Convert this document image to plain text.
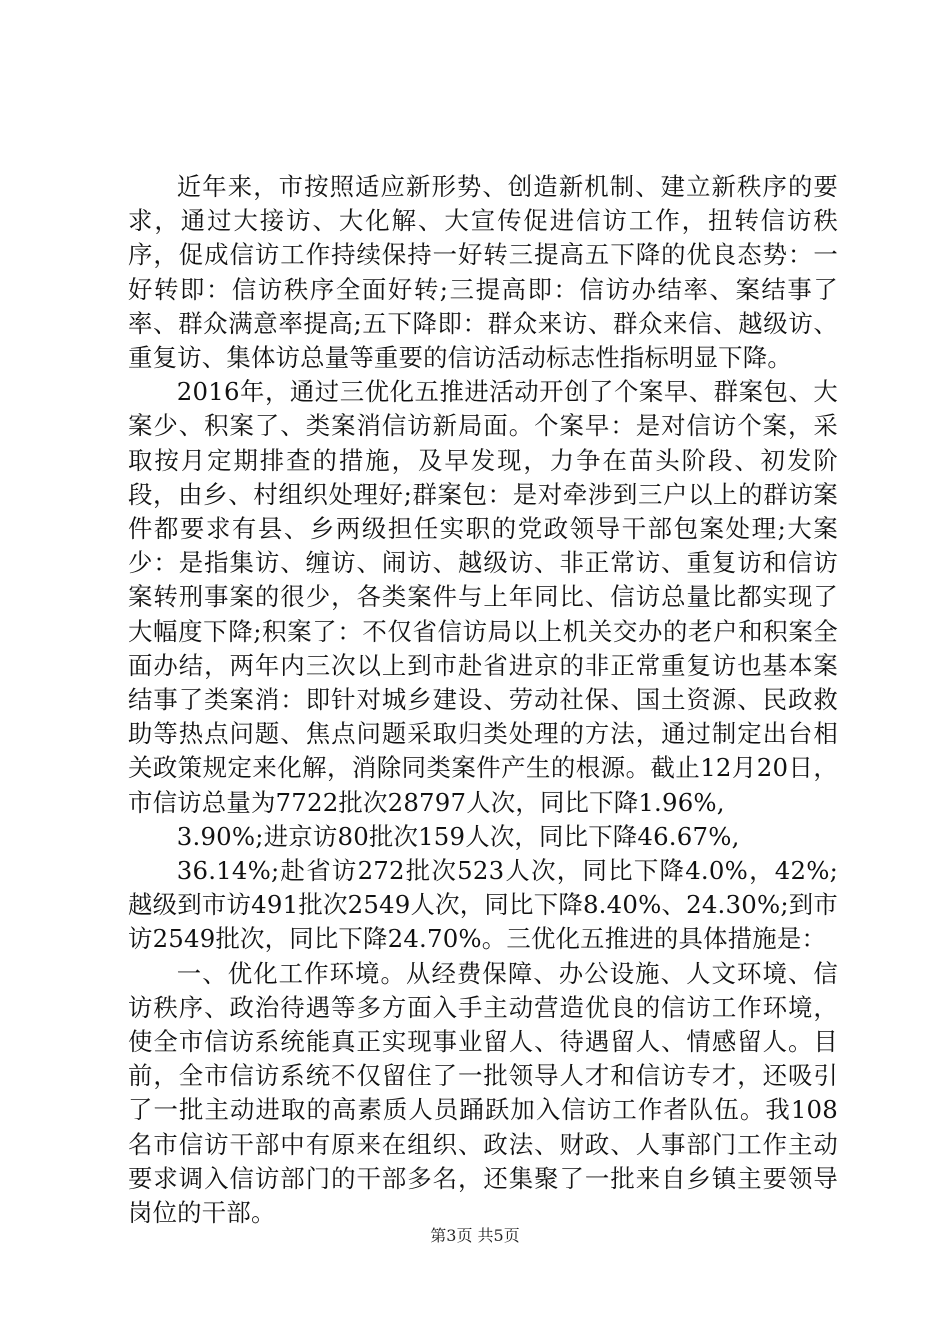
近年来，市按照适应新形势、创造新机制、建立新秩序的要求，通过大接访、大化解、大宣传促进信访工作，扭转信访秩序，促成信访工作持续保持一好转三提高五下降的优良态势：一好转即：信访秩序全面好转;三提高即：信访办结率、案结事了率、群众满意率提高;五下降即：群众来访、群众来信、越级访、重复访、集体访总量等重要的信访活动标志性指标明显下降。

2016年，通过三优化五推进活动开创了个案早、群案包、大案少、积案了、类案消信访新局面。个案早：是对信访个案，采取按月定期排查的措施，及早发现，力争在苗头阶段、初发阶段，由乡、村组织处理好;群案包：是对牵涉到三户以上的群访案件都要求有县、乡两级担任实职的党政领导干部包案处理;大案少：是指集访、缠访、闹访、越级访、非正常访、重复访和信访案转刑事案的很少，各类案件与上年同比、信访总量比都实现了大幅度下降;积案了：不仅省信访局以上机关交办的老户和积案全面办结，两年内三次以上到市赴省进京的非正常重复访也基本案结事了类案消：即针对城乡建设、劳动社保、国土资源、民政救助等热点问题、焦点问题采取归类处理的方法，通过制定出台相关政策规定来化解，消除同类案件产生的根源。截止12月20日，市信访总量为7722批次28797人次，同比下降1.96%,

3.90%;进京访80批次159人次，同比下降46.67%,

36.14%;赴省访272批次523人次，同比下降4.0%，42%;越级到市访491批次2549人次，同比下降8.40%、24.30%;到市访2549批次，同比下降24.70%。三优化五推进的具体措施是：

一、优化工作环境。从经费保障、办公设施、人文环境、信访秩序、政治待遇等多方面入手主动营造优良的信访工作环境，使全市信访系统能真正实现事业留人、待遇留人、情感留人。目前，全市信访系统不仅留住了一批领导人才和信访专才，还吸引了一批主动进取的高素质人员踊跃加入信访工作者队伍。我108名市信访干部中有原来在组织、政法、财政、人事部门工作主动要求调入信访部门的干部多名，还集聚了一批来自乡镇主要领导岗位的干部。

第3页 共5页
